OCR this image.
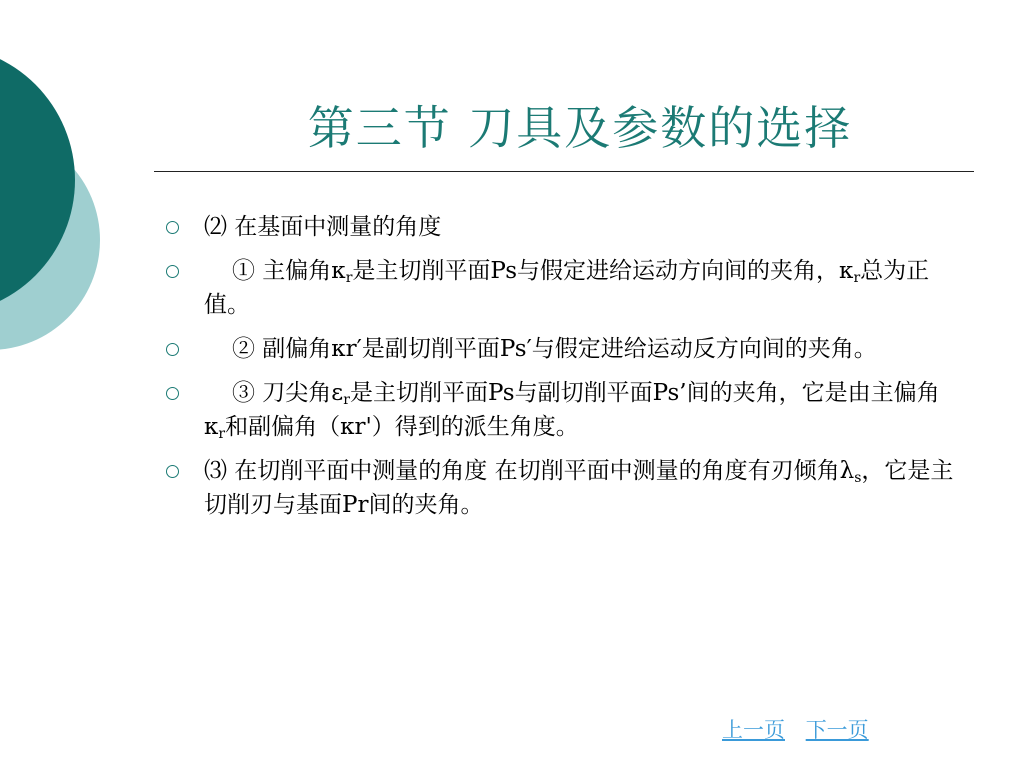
第三节 刀具及参数的选择
⑵ 在基面中测量的角度
① 主偏角$\kappa_r$是主切削平面Ps与假定进给运动方向间的夹角，$\kappa_r$总为正值。
② 副偏角κr′是副切削平面Ps′与假定进给运动反方向间的夹角。
③ 刀尖角$\varepsilon_r$是主切削平面Ps与副切削平面Ps’间的夹角，它是由主偏角$\kappa_r$和副偏角（κr'）得到的派生角度。
⑶ 在切削平面中测量的角度 在切削平面中测量的角度有刃倾角$\lambda_s$，它是主切削刃与基面Pr间的夹角。
上一页 下一页
